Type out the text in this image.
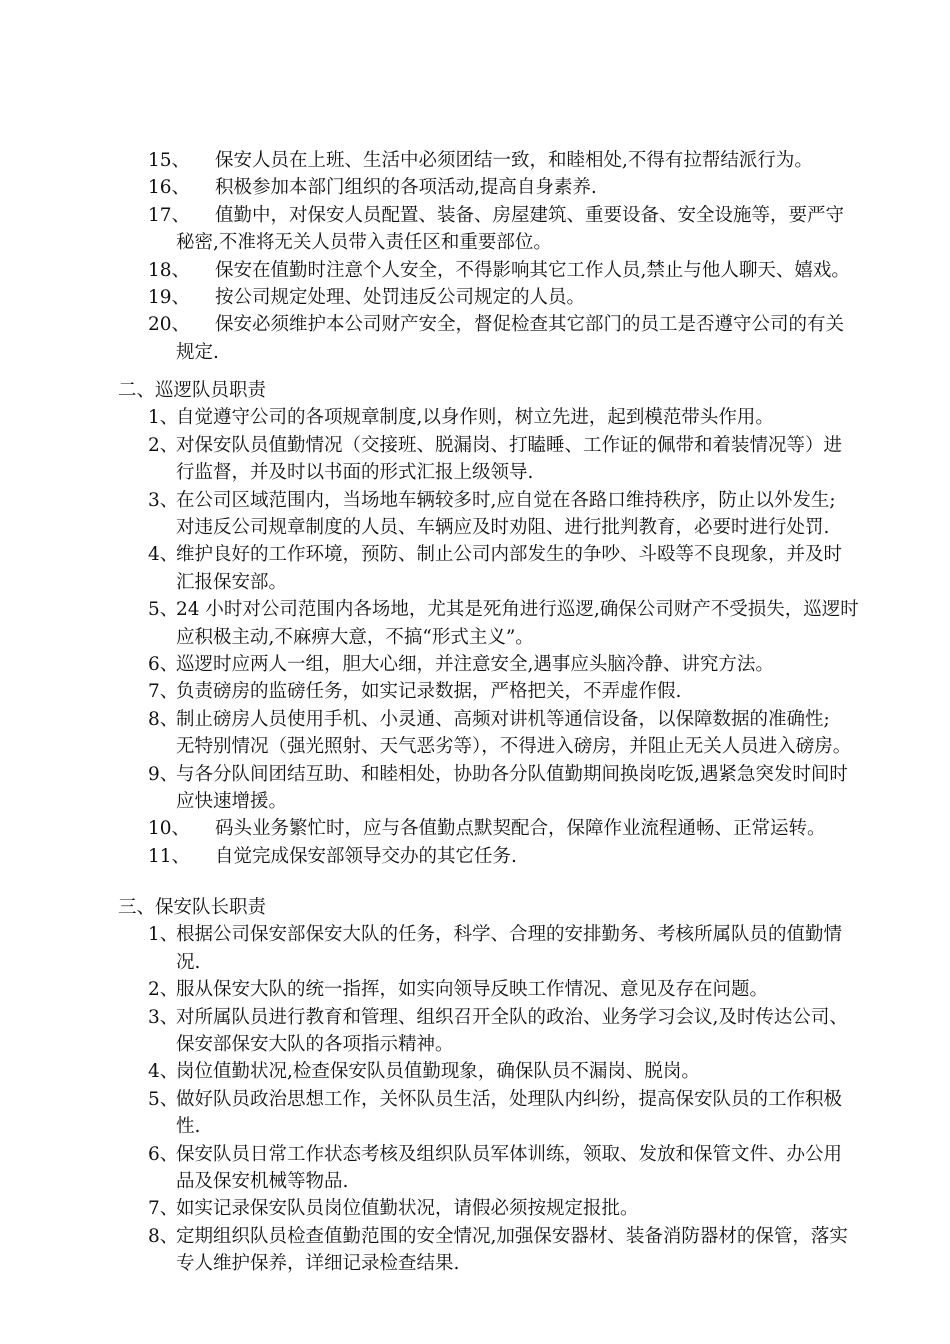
15、 保安人员在上班、生活中必须团结一致，和睦相处,不得有拉帮结派行为。
16、 积极参加本部门组织的各项活动,提高自身素养.
17、 值勤中，对保安人员配置、装备、房屋建筑、重要设备、安全设施等，要严守
秘密,不准将无关人员带入责任区和重要部位。
18、 保安在值勤时注意个人安全，不得影响其它工作人员,禁止与他人聊天、嬉戏。
19、 按公司规定处理、处罚违反公司规定的人员。
20、 保安必须维护本公司财产安全，督促检查其它部门的员工是否遵守公司的有关
规定.
二、巡逻队员职责
1、
自觉遵守公司的各项规章制度,以身作则，树立先进，起到模范带头作用。
2、
对保安队员值勤情况（交接班、脱漏岗、打瞌睡、工作证的佩带和着装情况等）进
行监督，并及时以书面的形式汇报上级领导.
3、
在公司区域范围内，当场地车辆较多时,应自觉在各路口维持秩序，防止以外发生;
对违反公司规章制度的人员、车辆应及时劝阻、进行批判教育，必要时进行处罚.
4、
维护良好的工作环境，预防、制止公司内部发生的争吵、斗殴等不良现象，并及时
汇报保安部。
5、
24 小时对公司范围内各场地，尤其是死角进行巡逻,确保公司财产不受损失，巡逻时
应积极主动,不麻痹大意，不搞“形式主义”。
6、
巡逻时应两人一组，胆大心细，并注意安全,遇事应头脑冷静、讲究方法。
7、
负责磅房的监磅任务，如实记录数据，严格把关，不弄虚作假.
8、
制止磅房人员使用手机、小灵通、高频对讲机等通信设备，以保障数据的准确性;
无特别情况（强光照射、天气恶劣等），不得进入磅房，并阻止无关人员进入磅房。
9、
与各分队间团结互助、和睦相处，协助各分队值勤期间换岗吃饭,遇紧急突发时间时
应快速增援。
10、 码头业务繁忙时，应与各值勤点默契配合，保障作业流程通畅、正常运转。
11、 自觉完成保安部领导交办的其它任务.
三、保安队长职责
1、
根据公司保安部保安大队的任务，科学、合理的安排勤务、考核所属队员的值勤情
况.
2、
服从保安大队的统一指挥，如实向领导反映工作情况、意见及存在问题。
3、
对所属队员进行教育和管理、组织召开全队的政治、业务学习会议,及时传达公司、
保安部保安大队的各项指示精神。
4、
岗位值勤状况,检查保安队员值勤现象，确保队员不漏岗、脱岗。
5、
做好队员政治思想工作，关怀队员生活，处理队内纠纷，提高保安队员的工作积极
性.
6、
保安队员日常工作状态考核及组织队员军体训练，领取、发放和保管文件、办公用
品及保安机械等物品.
7、
如实记录保安队员岗位值勤状况，请假必须按规定报批。
8、
定期组织队员检查值勤范围的安全情况,加强保安器材、装备消防器材的保管，落实
专人维护保养，详细记录检查结果.
